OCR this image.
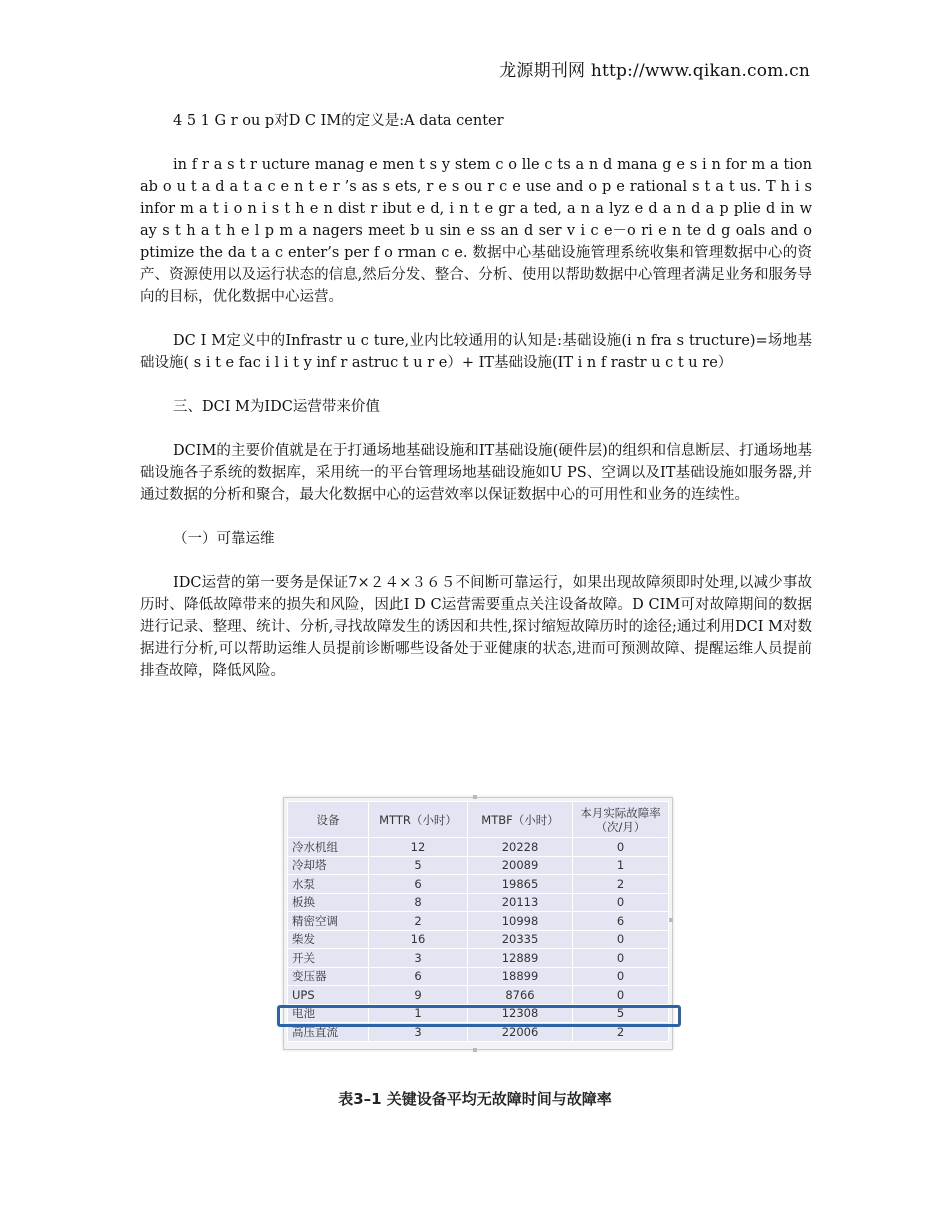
龙源期刊网 http://www.qikan.com.cn

4 5 1 G r ou p对D C IM的定义是:A data center

in f r a s t r ucture manag e men t s y stem c o lle c ts a n d mana g e s i n for m a tion ab o u t a d a t a c e n t e r ’s as s ets, r e s ou r c e use and o p e rational s t a t us. T h i s infor m a t i o n i s t h e n dist r ibut e d, i n t e gr a ted, a n a lyz e d a n d a p plie d in w ay s t h a t h e l p m a nagers meet b u sin e ss an d ser v i c e－o ri e n te d g oals and o ptimize the da t a c enter’s per f o rman c e. 数据中心基础设施管理系统收集和管理数据中心的资产、资源使用以及运行状态的信息,然后分发、整合、分析、使用以帮助数据中心管理者满足业务和服务导向的目标，优化数据中心运营。

DC I M定义中的Infrastr u c ture,业内比较通用的认知是:基础设施(i n fra s tructure)=场地基础设施( s i t e fac i l i t y inf r astruc t u r e）+ IT基础设施(IT i n f rastr u c t u re）

三、DCI M为IDC运营带来价值

DCIM的主要价值就是在于打通场地基础设施和IT基础设施(硬件层)的组织和信息断层、打通场地基础设施各子系统的数据库，采用统一的平台管理场地基础设施如U PS、空调以及IT基础设施如服务器,并通过数据的分析和聚合，最大化数据中心的运营效率以保证数据中心的可用性和业务的连续性。

（一）可靠运维

IDC运营的第一要务是保证7×２４×３６５不间断可靠运行，如果出现故障须即时处理,以减少事故历时、降低故障带来的损失和风险，因此I D C运营需要重点关注设备故障。D CIM可对故障期间的数据进行记录、整理、统计、分析,寻找故障发生的诱因和共性,探讨缩短故障历时的途径;通过利用DCI M对数据进行分析,可以帮助运维人员提前诊断哪些设备处于亚健康的状态,进而可预测故障、提醒运维人员提前排查故障，降低风险。

设备	MTTR（小时）	MTBF（小时）	本月实际故障率（次/月）
冷水机组	12	20228	0
冷却塔	5	20089	1
水泵	6	19865	2
板换	8	20113	0
精密空调	2	10998	6
柴发	16	20335	0
开关	3	12889	0
变压器	6	18899	0
UPS	9	8766	0
电池	1	12308	5
高压直流	3	22006	2
表3–1 关键设备平均无故障时间与故障率
